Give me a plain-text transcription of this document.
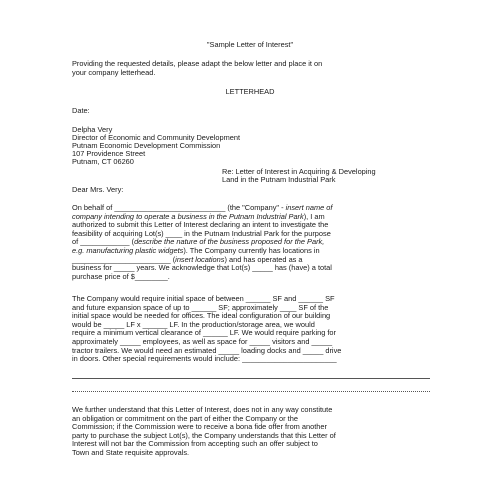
"Sample Letter of Interest"
Providing the requested details, please adapt the below letter and place it on
your company letterhead.
LETTERHEAD
Date:
Delpha Very
Director of Economic and Community Development
Putnam Economic Development Commission
107 Providence Street
Putnam, CT 06260
Re: Letter of Interest in Acquiring & Developing
Land in the Putnam Industrial Park
Dear Mrs. Very:
On behalf of ___________________________ (the "Company" - insert name of
company intending to operate a business in the Putnam Industrial Park), I am
authorized to submit this Letter of Interest declaring an intent to investigate the
feasibility of acquiring Lot(s) ____ in the Putnam Industrial Park for the purpose
of ____________ (describe the nature of the business proposed for the Park,
e.g. manufacturing plastic widgets). The Company currently has locations in
________________________ (insert locations) and has operated as a
business for _____ years. We acknowledge that Lot(s) _____ has (have) a total
purchase price of $________.
The Company would require initial space of between ______ SF and ______ SF
and future expansion space of up to ______ SF; approximately ____ SF of the
initial space would be needed for offices. The ideal configuration of our building
would be _____ LF x ______ LF. In the production/storage area, we would
require a minimum vertical clearance of ______ LF. We would require parking for
approximately _____ employees, as well as space for _____ visitors and _____
tractor trailers. We would need an estimated _____ loading docks and _____ drive
in doors. Other special requirements would include: _______________________
We further understand that this Letter of Interest, does not in any way constitute
an obligation or commitment on the part of either the Company or the
Commission; if the Commission were to receive a bona fide offer from another
party to purchase the subject Lot(s), the Company understands that this Letter of
Interest will not bar the Commission from accepting such an offer subject to
Town and State requisite approvals.
